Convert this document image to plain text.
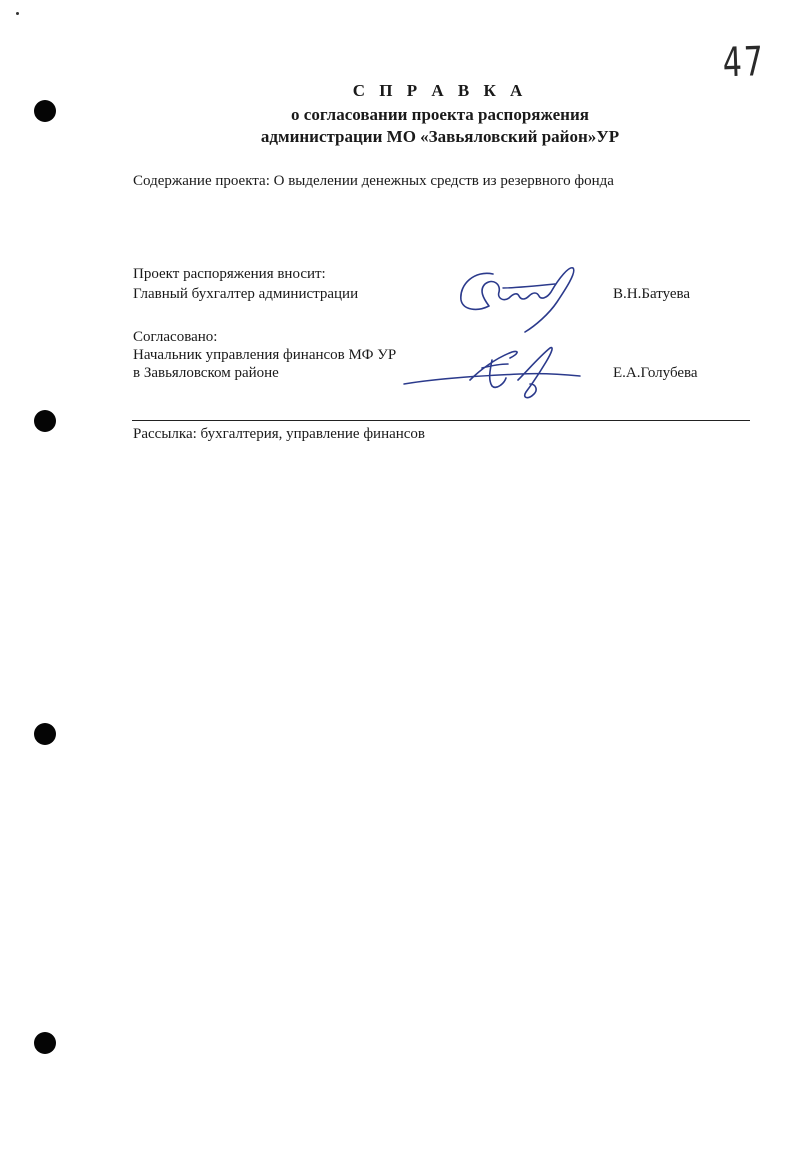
47
С П Р А В К А
о согласовании проекта распоряжения
администрации МО «Завьяловский район»УР
Содержание проекта: О выделении денежных средств из резервного фонда
Проект распоряжения вносит:
Главный бухгалтер администрации	В.Н.Батуева
Согласовано:
Начальник управления финансов МФ УР
в Завьяловском районе	Е.А.Голубева
Рассылка: бухгалтерия, управление финансов
